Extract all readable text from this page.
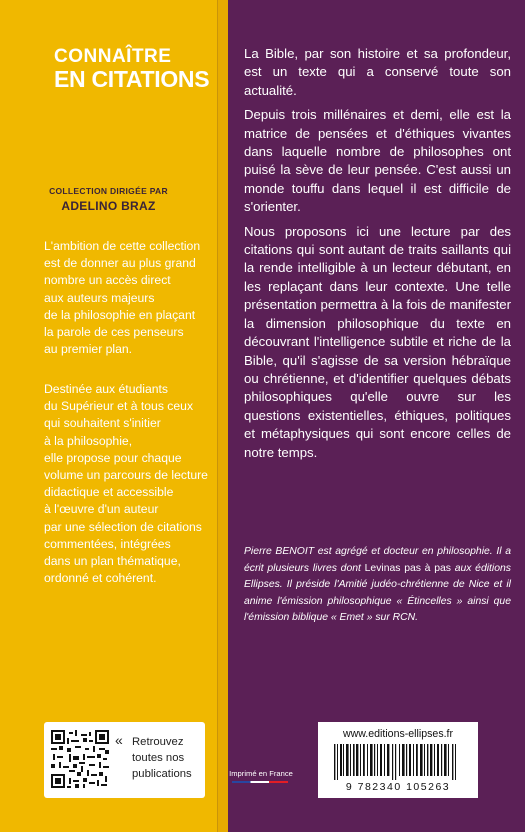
CONNAÎTRE
EN CITATIONS
COLLECTION DIRIGÉE PAR
ADELINO BRAZ

L'ambition de cette collection

est de donner au plus grand

nombre un accès direct

aux auteurs majeurs

de la philosophie en plaçant

la parole de ces penseurs

au premier plan.

Destinée aux étudiants

du Supérieur et à tous ceux

qui souhaitent s'initier

à la philosophie,

elle propose pour chaque

volume un parcours de lecture

didactique et accessible

à l'œuvre d'un auteur

par une sélection de citations

commentées, intégrées

dans un plan thématique,

ordonné et cohérent.

La Bible, par son histoire et sa profondeur, est un texte qui a conservé toute son actualité.

Depuis trois millénaires et demi, elle est la matrice de pensées et d'éthiques vivantes dans laquelle nombre de philosophes ont puisé la sève de leur pensée. C'est aussi un monde touffu dans lequel il est difficile de s'orienter.

Nous proposons ici une lecture par des citations qui sont autant de traits saillants qui la rende intelligible à un lecteur débutant, en les replaçant dans leur contexte. Une telle présentation permettra à la fois de manifester la dimension philosophique du texte en découvrant l'intelligence subtile et riche de la Bible, qu'il s'agisse de sa version hébraïque ou chrétienne, et d'identifier quelques débats philosophiques qu'elle ouvre sur les questions existentielles, éthiques, politiques et métaphysiques qui sont encore celles de notre temps.

Pierre BENOIT est agrégé et docteur en philosophie. Il a écrit plusieurs livres dont Levinas pas à pas aux éditions Ellipses. Il préside l'Amitié judéo-chrétienne de Nice et il anime l'émission philosophique « Étincelles » ainsi que l'émission biblique « Emet » sur RCN.
« Retrouvez toutes nos publications	Imprimé en France
www.editions-ellipses.fr
9 782340 105263
